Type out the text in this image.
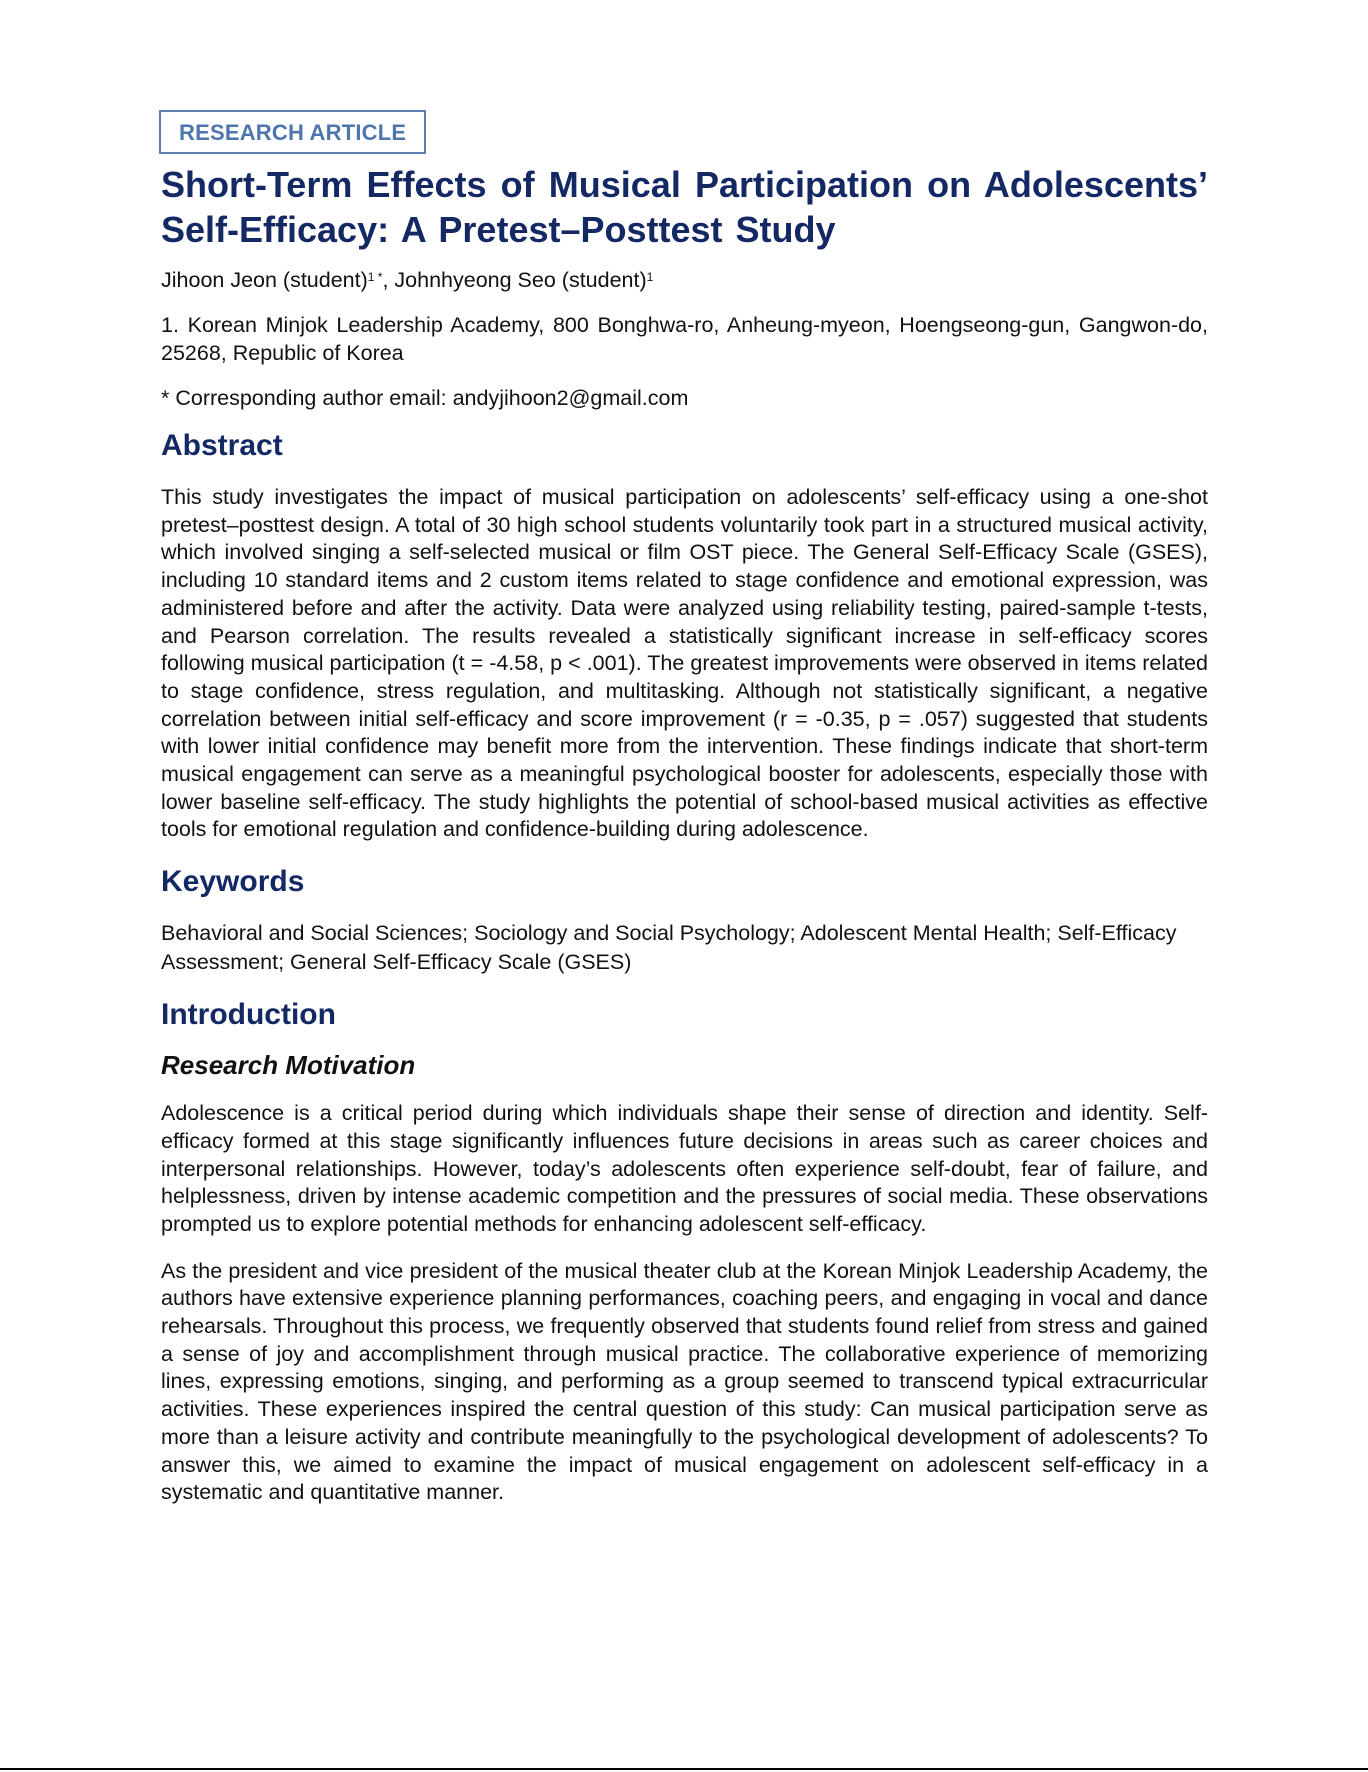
RESEARCH ARTICLE
Short-Term Effects of Musical Participation on Adolescents’ Self-Efficacy: A Pretest–Posttest Study
Jihoon Jeon (student)$^{1 *}$, Johnhyeong Seo (student)$^1$
1. Korean Minjok Leadership Academy, 800 Bonghwa-ro, Anheung-myeon, Hoengseong-gun, Gangwon-do, 25268, Republic of Korea
* Corresponding author email: andyjihoon2@gmail.com
Abstract

This study investigates the impact of musical participation on adolescents’ self-efficacy using a one-shot pretest–posttest design. A total of 30 high school students voluntarily took part in a structured musical activity, which involved singing a self-selected musical or film OST piece. The General Self-Efficacy Scale (GSES), including 10 standard items and 2 custom items related to stage confidence and emotional expression, was administered before and after the activity. Data were analyzed using reliability testing, paired-sample t-tests, and Pearson correlation. The results revealed a statistically significant increase in self-efficacy scores following musical participation (t = -4.58, p < .001). The greatest improvements were observed in items related to stage confidence, stress regulation, and multitasking. Although not statistically significant, a negative correlation between initial self-efficacy and score improvement (r = -0.35, p = .057) suggested that students with lower initial confidence may benefit more from the intervention. These findings indicate that short-term musical engagement can serve as a meaningful psychological booster for adolescents, especially those with lower baseline self-efficacy. The study highlights the potential of school-based musical activities as effective tools for emotional regulation and confidence-building during adolescence.

Keywords

Behavioral and Social Sciences; Sociology and Social Psychology; Adolescent Mental Health; Self-Efficacy Assessment; General Self-Efficacy Scale (GSES)

Introduction
Research Motivation

Adolescence is a critical period during which individuals shape their sense of direction and identity. Self-efficacy formed at this stage significantly influences future decisions in areas such as career choices and interpersonal relationships. However, today’s adolescents often experience self-doubt, fear of failure, and helplessness, driven by intense academic competition and the pressures of social media. These observations prompted us to explore potential methods for enhancing adolescent self-efficacy.

As the president and vice president of the musical theater club at the Korean Minjok Leadership Academy, the authors have extensive experience planning performances, coaching peers, and engaging in vocal and dance rehearsals. Throughout this process, we frequently observed that students found relief from stress and gained a sense of joy and accomplishment through musical practice. The collaborative experience of memorizing lines, expressing emotions, singing, and performing as a group seemed to transcend typical extracurricular activities. These experiences inspired the central question of this study: Can musical participation serve as more than a leisure activity and contribute meaningfully to the psychological development of adolescents? To answer this, we aimed to examine the impact of musical engagement on adolescent self-efficacy in a systematic and quantitative manner.
